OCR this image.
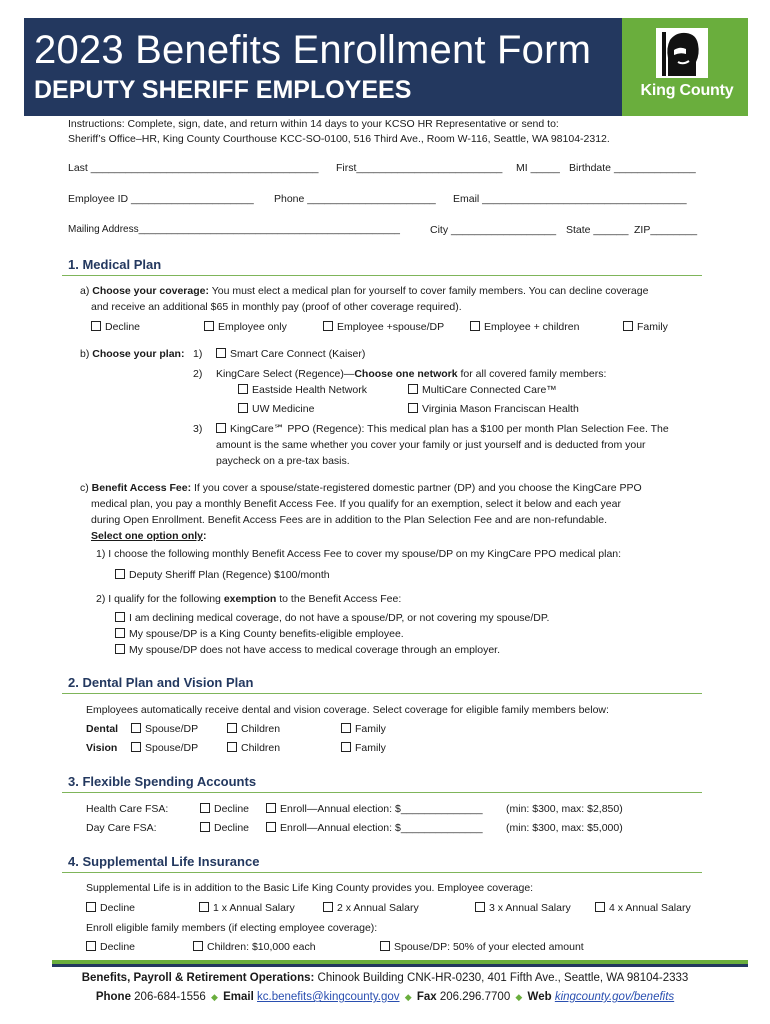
2023 Benefits Enrollment Form
DEPUTY SHERIFF EMPLOYEES	King County
Instructions: Complete, sign, date, and return within 14 days to your KCSO HR Representative or send to:
Sheriff’s Office–HR, King County Courthouse KCC-SO-0100, 516 Third Ave., Room W-116, Seattle, WA 98104-2312.
Last _______________________________________ First_________________________ MI _____ Birthdate ______________
Employee ID _____________________ Phone ______________________ Email ___________________________________
Mailing Address_______________________________________________	City __________________ State ______ ZIP________
1. Medical Plan
a) Choose your coverage: You must elect a medical plan for yourself to cover family members. You can decline coverage
and receive an additional $65 in monthly pay (proof of other coverage required).
Decline	Employee only	Employee +spouse/DP	Employee + children	Family
b) Choose your plan: 1)	Smart Care Connect (Kaiser)
2) KingCare Select (Regence)—Choose one network for all covered family members:
Eastside Health Network	MultiCare Connected Care™
UW Medicine	Virginia Mason Franciscan Health
3)	KingCare℠ PPO (Regence): This medical plan has a $100 per month Plan Selection Fee. The
amount is the same whether you cover your family or just yourself and is deducted from your
paycheck on a pre-tax basis.
c) Benefit Access Fee: If you cover a spouse/state-registered domestic partner (DP) and you choose the KingCare PPO
medical plan, you pay a monthly Benefit Access Fee. If you qualify for an exemption, select it below and each year
during Open Enrollment. Benefit Access Fees are in addition to the Plan Selection Fee and are non-refundable.
Select one option only:
1) I choose the following monthly Benefit Access Fee to cover my spouse/DP on my KingCare PPO medical plan:
Deputy Sheriff Plan (Regence) $100/month
2) I qualify for the following exemption to the Benefit Access Fee:
I am declining medical coverage, do not have a spouse/DP, or not covering my spouse/DP.
My spouse/DP is a King County benefits-eligible employee.
My spouse/DP does not have access to medical coverage through an employer.
2. Dental Plan and Vision Plan
Employees automatically receive dental and vision coverage. Select coverage for eligible family members below:
Dental	Spouse/DP	Children	Family
Vision	Spouse/DP	Children	Family
3. Flexible Spending Accounts
Health Care FSA:	Decline	Enroll—Annual election: $______________ (min: $300, max: $2,850)
Day Care FSA:	Decline	Enroll—Annual election: $______________ (min: $300, max: $5,000)
4. Supplemental Life Insurance
Supplemental Life is in addition to the Basic Life King County provides you. Employee coverage:
Decline	1 x Annual Salary	2 x Annual Salary	3 x Annual Salary	4 x Annual Salary
Enroll eligible family members (if electing employee coverage):
Decline	Children: $10,000 each	Spouse/DP: 50% of your elected amount
Benefits, Payroll & Retirement Operations: Chinook Building CNK-HR-0230, 401 Fifth Ave., Seattle, WA 98104-2333
Phone 206-684-1556 ◆ Email kc.benefits@kingcounty.gov ◆ Fax 206.296.7700 ◆ Web kingcounty.gov/benefits
